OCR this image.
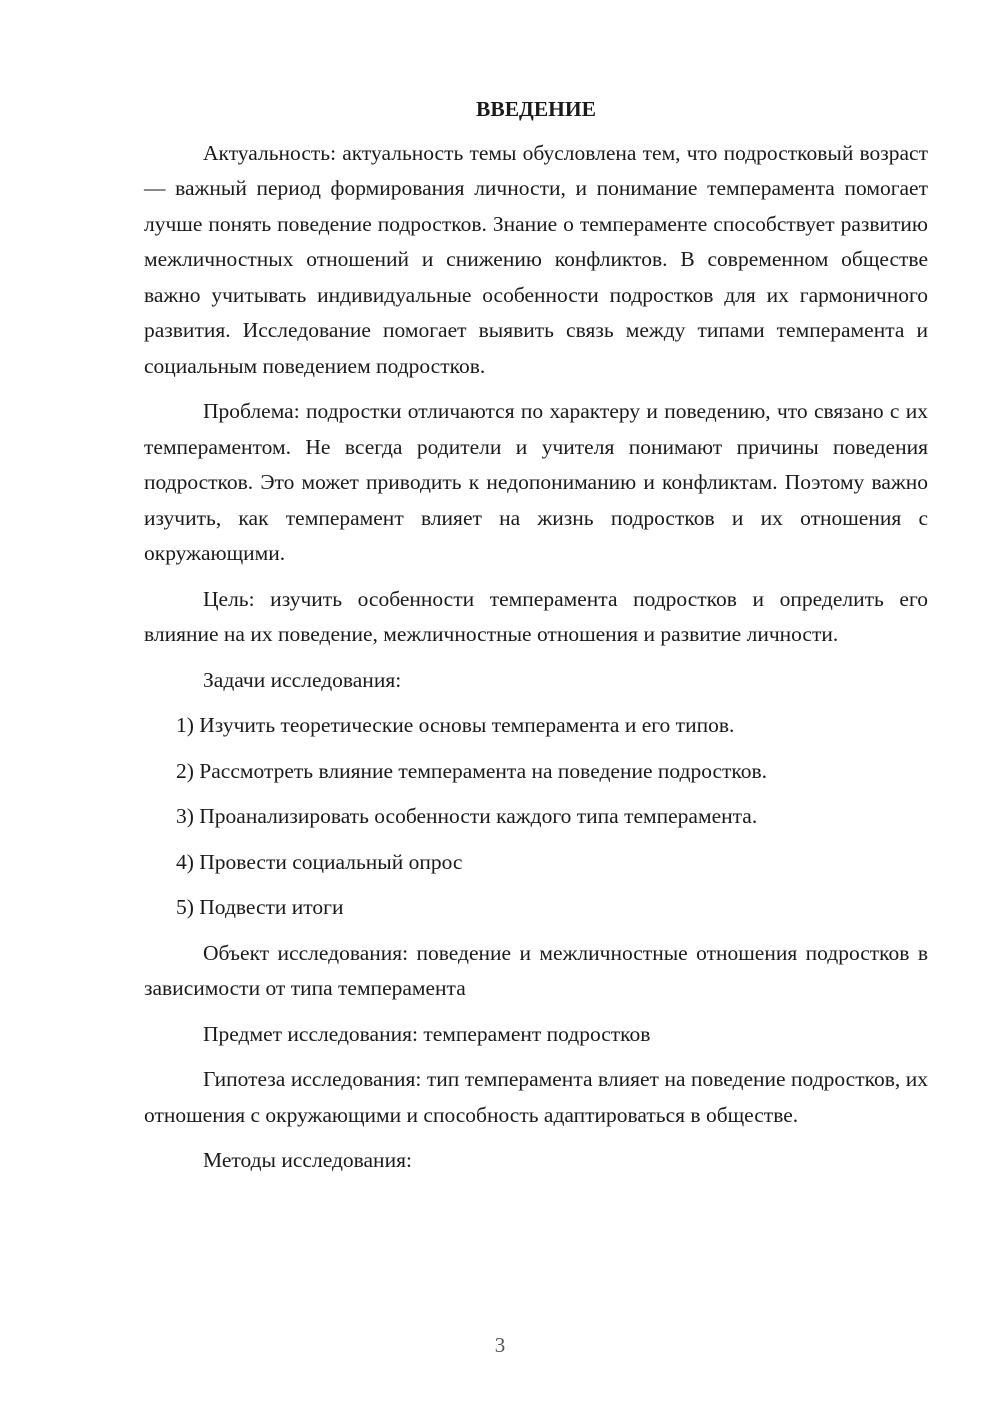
ВВЕДЕНИЕ

Актуальность: актуальность темы обусловлена тем, что подростковый возраст — важный период формирования личности, и понимание темперамента помогает лучше понять поведение подростков. Знание о темпераменте способствует развитию межличностных отношений и снижению конфликтов. В современном обществе важно учитывать индивидуальные особенности подростков для их гармоничного развития. Исследование помогает выявить связь между типами темперамента и социальным поведением подростков.

Проблема: подростки отличаются по характеру и поведению, что связано с их темпераментом. Не всегда родители и учителя понимают причины поведения подростков. Это может приводить к недопониманию и конфликтам. Поэтому важно изучить, как темперамент влияет на жизнь подростков и их отношения с окружающими.

Цель: изучить особенности темперамента подростков и определить его влияние на их поведение, межличностные отношения и развитие личности.

Задачи исследования:

1) Изучить теоретические основы темперамента и его типов.

2) Рассмотреть влияние темперамента на поведение подростков.

3) Проанализировать особенности каждого типа темперамента.

4) Провести социальный опрос

5) Подвести итоги

Объект исследования: поведение и межличностные отношения подростков в зависимости от типа темперамента

Предмет исследования: темперамент подростков

Гипотеза исследования: тип темперамента влияет на поведение подростков, их отношения с окружающими и способность адаптироваться в обществе.

Методы исследования:

3
